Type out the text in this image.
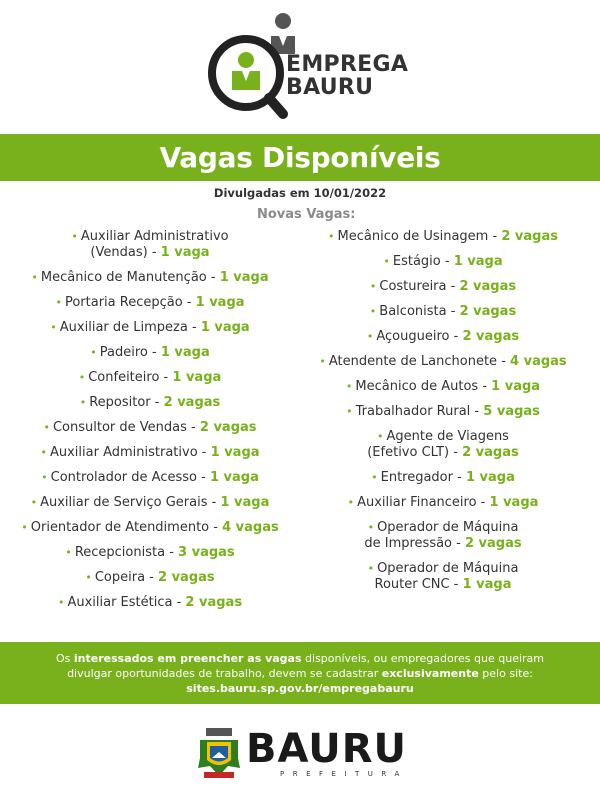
EMPREGA
BAURU
Vagas Disponíveis
Divulgadas em 10/01/2022
Novas Vagas:
• Auxiliar Administrativo
(Vendas) - 1 vaga
• Mecânico de Manutenção - 1 vaga
• Portaria Recepção - 1 vaga
• Auxiliar de Limpeza - 1 vaga
• Padeiro - 1 vaga
• Confeiteiro - 1 vaga
• Repositor - 2 vagas
• Consultor de Vendas - 2 vagas
• Auxiliar Administrativo - 1 vaga
• Controlador de Acesso - 1 vaga
• Auxiliar de Serviço Gerais - 1 vaga
• Orientador de Atendimento - 4 vagas
• Recepcionista - 3 vagas
• Copeira - 2 vagas
• Auxiliar Estética - 2 vagas
• Mecânico de Usinagem - 2 vagas
• Estágio - 1 vaga
• Costureira - 2 vagas
• Balconista - 2 vagas
• Açougueiro - 2 vagas
• Atendente de Lanchonete - 4 vagas
• Mecânico de Autos - 1 vaga
• Trabalhador Rural - 5 vagas
• Agente de Viagens
(Efetivo CLT) - 2 vagas
• Entregador - 1 vaga
• Auxiliar Financeiro - 1 vaga
• Operador de Máquina
de Impressão - 2 vagas
• Operador de Máquina
Router CNC - 1 vaga
Os interessados em preencher as vagas disponíveis, ou empregadores que queiram divulgar oportunidades de trabalho, devem se cadastrar exclusivamente pelo site:
sites.bauru.sp.gov.br/empregabauru
BAURU
PREFEITURA
